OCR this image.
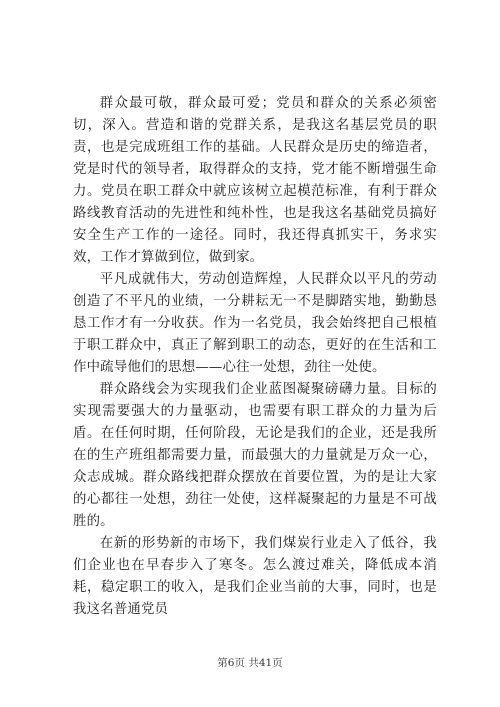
群众最可敬，群众最可爱；党员和群众的关系必须密切，深入。营造和谐的党群关系，是我这名基层党员的职责，也是完成班组工作的基础。人民群众是历史的缔造者，党是时代的领导者，取得群众的支持，党才能不断增强生命力。党员在职工群众中就应该树立起模范标准，有利于群众路线教育活动的先进性和纯朴性，也是我这名基础党员搞好安全生产工作的一途径。同时，我还得真抓实干，务求实效，工作才算做到位，做到家。

平凡成就伟大，劳动创造辉煌，人民群众以平凡的劳动创造了不平凡的业绩，一分耕耘无一不是脚踏实地，勤勤恳恳工作才有一分收获。作为一名党员，我会始终把自己根植于职工群众中，真正了解到职工的动态，更好的在生活和工作中疏导他们的思想——心往一处想，劲往一处使。

群众路线会为实现我们企业蓝图凝聚磅礴力量。目标的实现需要强大的力量驱动，也需要有职工群众的力量为后盾。在任何时期，任何阶段，无论是我们的企业，还是我所在的生产班组都需要力量，而最强大的力量就是万众一心，众志成城。群众路线把群众摆放在首要位置，为的是让大家的心都往一处想，劲往一处使，这样凝聚起的力量是不可战胜的。

在新的形势新的市场下，我们煤炭行业走入了低谷，我们企业也在早春步入了寒冬。怎么渡过难关，降低成本消耗，稳定职工的收入，是我们企业当前的大事，同时，也是我这名普通党员

第6页 共41页
